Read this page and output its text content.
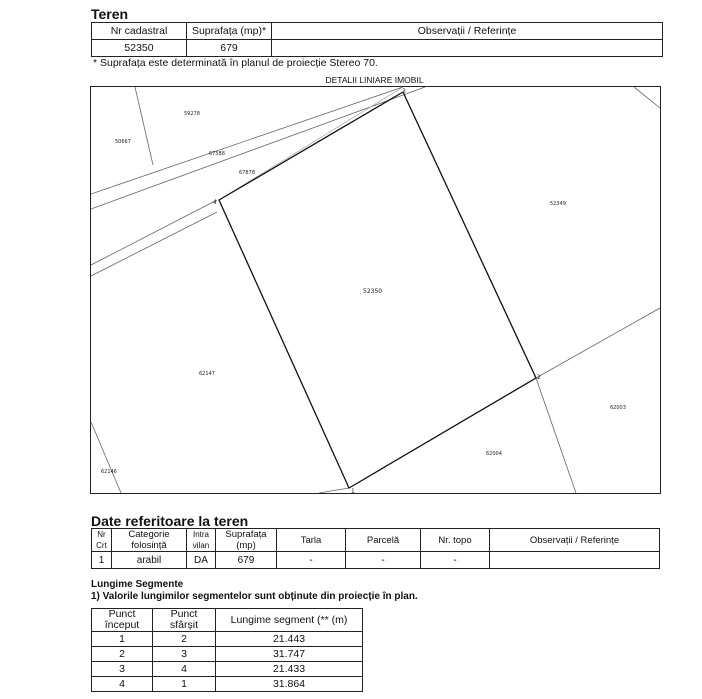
Teren
Nr cadastral	Suprafața (mp)*	Observații / Referințe
52350	679	
* Suprafața este determinată în planul de proiecție Stereo 70.
DETALII LINIARE IMOBIL
1
2
3
4
52350
59278
50667
67588
67878
52349
62147
62003
62004
62146
Date referitoare la teren
Nr Crt	Categorie folosință	Intra vilan	Suprafața (mp)	Tarla	Parcelă	Nr. topo	Observații / Referințe
1	arabil	DA	679	-	-	-	
Lungime Segmente
1) Valorile lungimilor segmentelor sunt obținute din proiecție în plan.
Punct început	Punct sfârșit	Lungime segment (** (m)
1	2	21.443
2	3	31.747
3	4	21.433
4	1	31.864
